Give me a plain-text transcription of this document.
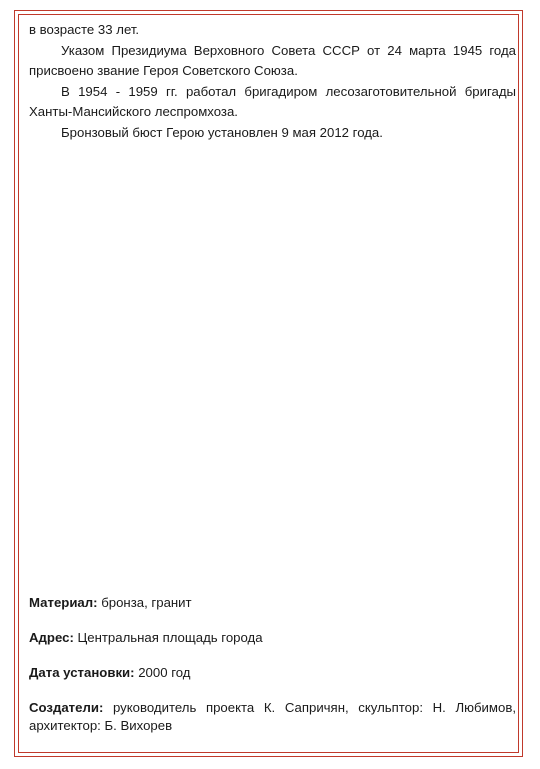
в возрасте 33 лет.

Указом Президиума Верховного Совета СССР от 24 марта 1945 года присвоено звание Героя Советского Союза.

В 1954 - 1959 гг. работал бригадиром лесозаготовительной бригады Ханты-Мансийского леспромхоза.

Бронзовый бюст Герою установлен 9 мая 2012 года.

Материал: бронза, гранит
Адрес: Центральная площадь города
Дата установки: 2000 год
Создатели: руководитель проекта К. Сапричян, скульптор: Н. Любимов, архитектор: Б. Вихорев
